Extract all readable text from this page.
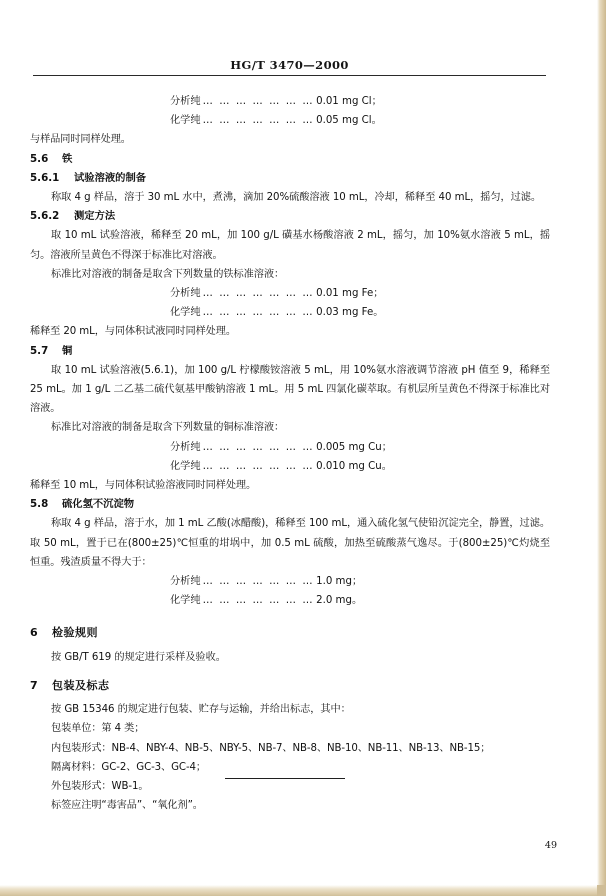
HG/T 3470—2000
分析纯 … … … … … … … 0.01 mg Cl；
化学纯 … … … … … … … 0.05 mg Cl。
与样品同时同样处理。
5.6 铁
5.6.1 试验溶液的制备
称取 4 g 样品，溶于 30 mL 水中，煮沸，滴加 20%硫酸溶液 10 mL，冷却，稀释至 40 mL，摇匀，过滤。
5.6.2 测定方法
取 10 mL 试验溶液，稀释至 20 mL，加 100 g/L 磺基水杨酸溶液 2 mL，摇匀，加 10%氨水溶液 5 mL，摇匀。溶液所呈黄色不得深于标准比对溶液。
标准比对溶液的制备是取含下列数量的铁标准溶液：
分析纯 … … … … … … … 0.01 mg Fe；
化学纯 … … … … … … … 0.03 mg Fe。
稀释至 20 mL，与同体积试液同时同样处理。
5.7 铜
取 10 mL 试验溶液(5.6.1)，加 100 g/L 柠檬酸铵溶液 5 mL，用 10%氨水溶液调节溶液 pH 值至 9，稀释至 25 mL。加 1 g/L 二乙基二硫代氨基甲酸钠溶液 1 mL。用 5 mL 四氯化碳萃取。有机层所呈黄色不得深于标准比对溶液。
标准比对溶液的制备是取含下列数量的铜标准溶液：
分析纯 … … … … … … … 0.005 mg Cu；
化学纯 … … … … … … … 0.010 mg Cu。
稀释至 10 mL，与同体积试验溶液同时同样处理。
5.8 硫化氢不沉淀物
称取 4 g 样品，溶于水，加 1 mL 乙酸(冰醋酸)，稀释至 100 mL，通入硫化氢气使铅沉淀完全，静置，过滤。取 50 mL，置于已在(800±25)℃恒重的坩埚中，加 0.5 mL 硫酸，加热至硫酸蒸气逸尽。于(800±25)℃灼烧至恒重。残渣质量不得大于：
分析纯 … … … … … … … 1.0 mg；
化学纯 … … … … … … … 2.0 mg。
6 检验规则
按 GB/T 619 的规定进行采样及验收。
7 包装及标志
按 GB 15346 的规定进行包装、贮存与运输，并给出标志，其中：
包装单位：第 4 类；
内包装形式：NB-4、NBY-4、NB-5、NBY-5、NB-7、NB-8、NB-10、NB-11、NB-13、NB-15；
隔离材料：GC-2、GC-3、GC-4；
外包装形式：WB-1。
标签应注明“毒害品”、“氧化剂”。
49
